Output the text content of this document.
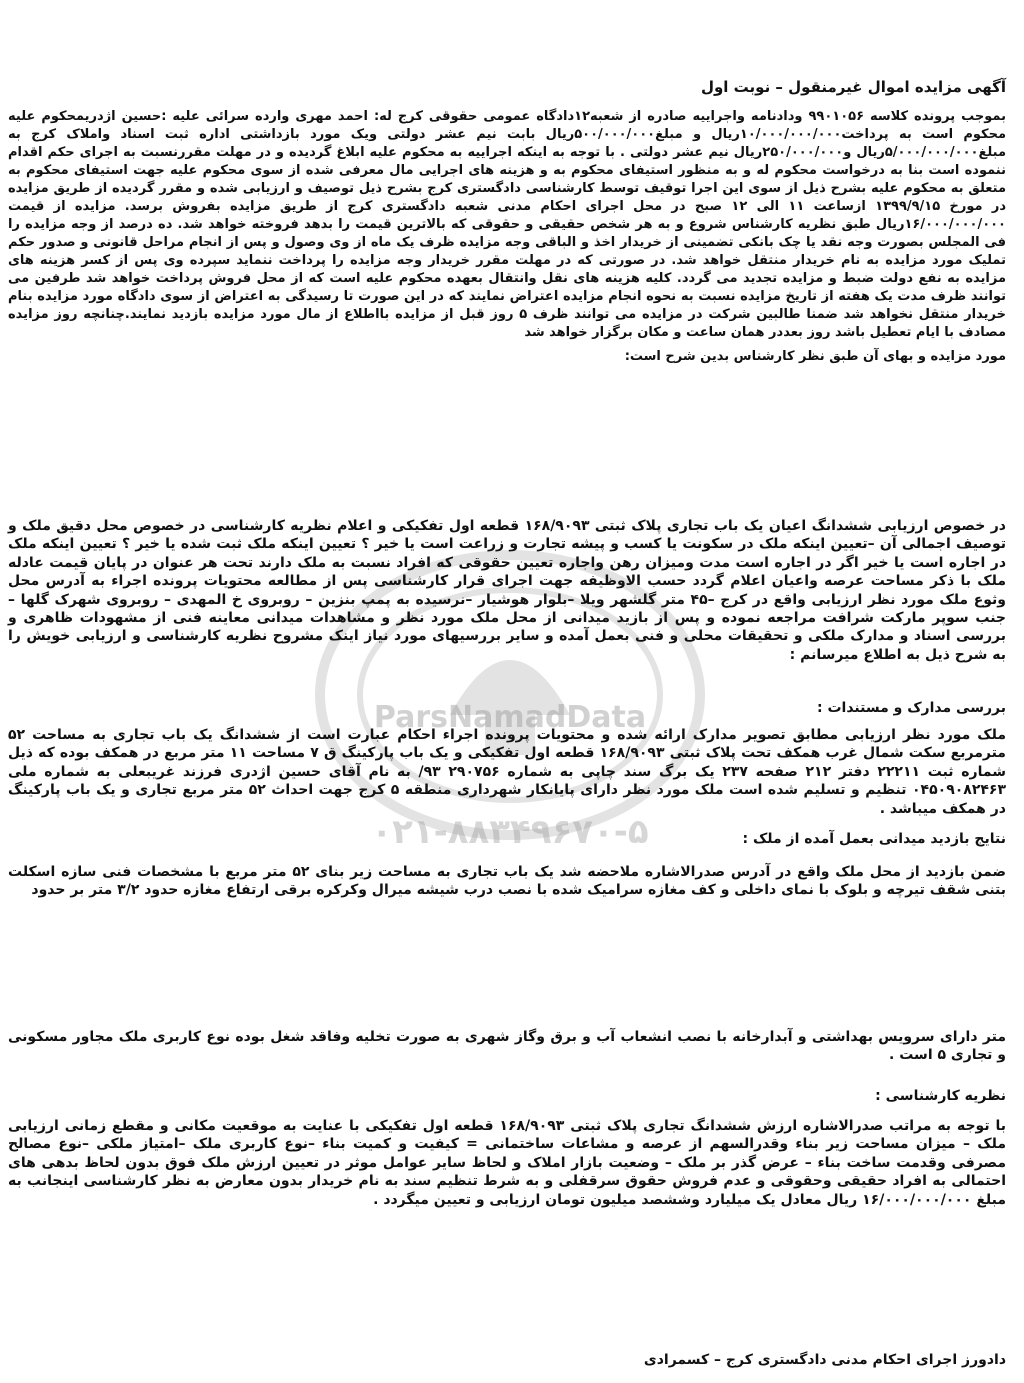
ParsNamadData
۰۲۱-۸۸۳۴۹۶۷۰-۵
آگهی مزایده اموال غیرمنقول – نوبت اول
بموجب پرونده کلاسه ۹۹۰۱۰۵۶ ودادنامه واجراییه صادره از شعبه۱۲دادگاه عمومی حقوقی کرج له: احمد مهری وارده سرائی علیه :حسین اژدریمحکوم علیه محکوم است به پرداخت۱۰/۰۰۰/۰۰۰/۰۰۰ریال و مبلغ۵۰۰/۰۰۰/۰۰۰ریال بابت نیم عشر دولتی ویک مورد بازداشتی اداره ثبت اسناد واملاک کرج به مبلغ۵/۰۰۰/۰۰۰/۰۰۰ریال و۲۵۰/۰۰۰/۰۰۰ریال نیم عشر دولتی . با توجه به اینکه اجراییه به محکوم علیه ابلاغ گردیده و در مهلت مقررنسبت به اجرای حکم اقدام ننموده است بنا به درخواست محکوم له و به منظور استیفای محکوم به و هزینه های اجرایی مال معرفی شده از سوی محکوم علیه جهت استیفای محکوم به متعلق به محکوم علیه بشرح ذیل از سوی این اجرا توقیف توسط کارشناسی دادگستری کرج بشرح ذیل توصیف و ارزیابی شده و مقرر گردیده از طریق مزایده در مورخ ۱۳۹۹/۹/۱۵ ازساعت ۱۱ الی ۱۲ صبح در محل اجرای احکام مدنی شعبه دادگستری کرج از طریق مزایده بفروش برسد. مزایده از قیمت ۱۶/۰۰۰/۰۰۰/۰۰۰ریال طبق نظریه کارشناس شروع و به هر شخص حقیقی و حقوقی که بالاترین قیمت را بدهد فروخته خواهد شد. ده درصد از وجه مزایده را فی المجلس بصورت وجه نقد یا چک بانکی تضمینی از خریدار اخذ و الباقی وجه مزایده ظرف یک ماه از وی وصول و پس از انجام مراحل قانونی و صدور حکم تملیک مورد مزایده به نام خریدار منتقل خواهد شد. در صورتی که در مهلت مقرر خریدار وجه مزایده را پرداخت ننماید سپرده وی پس از کسر هزینه های مزایده به نفع دولت ضبط و مزایده تجدید می گردد. کلیه هزینه های نقل وانتقال بعهده محکوم علیه است که از محل فروش پرداخت خواهد شد طرفین می توانند ظرف مدت یک هفته از تاریخ مزایده نسبت به نحوه انجام مزایده اعتراض نمایند که در این صورت تا رسیدگی به اعتراض از سوی دادگاه مورد مزایده بنام خریدار منتقل نخواهد شد ضمنا طالبین شرکت در مزایده می توانند ظرف ۵ روز قبل از مزایده بااطلاع از مال مورد مزایده بازدید نمایند.چنانچه روز مزایده مصادف با ایام تعطیل باشد روز بعددر همان ساعت و مکان برگزار خواهد شد
مورد مزایده و بهای آن طبق نظر کارشناس بدین شرح است:
در خصوص ارزیابی ششدانگ اعیان یک باب تجاری پلاک ثبتی ۱۶۸/۹۰۹۳ قطعه اول تفکیکی و اعلام نظریه کارشناسی در خصوص محل دقیق ملک و توصیف اجمالی آن –تعیین اینکه ملک در سکونت یا کسب و پیشه تجارت و زراعت است یا خیر ؟ تعیین اینکه ملک ثبت شده یا خیر ؟ تعیین اینکه ملک در اجاره است یا خیر اگر در اجاره است مدت ومیزان رهن واجاره تعیین حقوقی که افراد نسبت به ملک دارند تحت هر عنوان در پایان قیمت عادله ملک با ذکر مساحت عرصه واعیان اعلام گردد حسب الاوظیفه جهت اجرای قرار کارشناسی پس از مطالعه محتویات پرونده اجراء به آدرس محل وثوع ملک مورد نظر ارزیابی واقع در کرج –۴۵ متر گلشهر ویلا –بلوار هوشیار –نرسیده به پمپ بنزین – روبروی خ المهدی – روبروی شهرک گلها –جنب سوپر مارکت شرافت مراجعه نموده و پس از بازید میدانی از محل ملک مورد نظر و مشاهدات میدانی معاینه فنی از مشهودات ظاهری و بررسی اسناد و مدارک ملکی و تحقیقات محلی و فنی بعمل آمده و سایر بررسیهای مورد نیاز اینک مشروح نظریه کارشناسی و ارزیابی خویش را به شرح ذیل به اطلاع میرسانم :
بررسی مدارک و مستندات :
ملک مورد نظر ارزیابی مطابق تصویر مدارک ارائه شده و محتویات پرونده اجراء احکام عبارت است از ششدانگ یک باب تجاری به مساحت ۵۲ مترمربع سکت شمال غرب همکف تحت پلاک ثبتی ۱۶۸/۹۰۹۳ قطعه اول تفکیکی و یک باب پارکینگ ق ۷ مساحت ۱۱ متر مربع در همکف بوده که ذیل شماره ثبت ۲۲۲۱۱ دفتر ۲۱۲ صفحه ۲۳۷ یک برگ سند چاپی به شماره ۲۹۰۷۵۶ ۹۳/ به نام آقای حسین اژدری فرزند غریبعلی به شماره ملی ۰۴۵۰۹۰۸۲۴۶۳ تنظیم و تسلیم شده است ملک مورد نظر دارای پایانکار شهرداری منطقه ۵ کرج جهت احداث ۵۲ متر مربع تجاری و یک باب پارکینگ در همکف میباشد .
نتایج بازدید میدانی بعمل آمده از ملک :
ضمن بازدید از محل ملک واقع در آدرس صدرالاشاره ملاحضه شد یک باب تجاری به مساحت زیر بنای ۵۲ متر مربع با مشخصات فنی سازه اسکلت بتنی شقف تیرچه و بلوک با نمای داخلی و کف مغازه سرامیک شده با نصب درب شیشه میرال وکرکره برقی ارتفاع مغازه حدود ۳/۲ متر بر حدود
متر دارای سرویس بهداشتی و آبدارخانه با نصب انشعاب آب و برق وگاز شهری به صورت تخلیه وفاقد شغل بوده نوع کاربری ملک مجاور مسکونی و تجاری ۵ است .
نظریه کارشناسی :
با توجه به مراتب صدرالاشاره ارزش ششدانگ تجاری پلاک ثبتی ۱۶۸/۹۰۹۳ قطعه اول تفکیکی با عنایت به موقعیت مکانی و مقطع زمانی ارزیابی ملک – میزان مساحت زیر بناء وقدرالسهم از عرصه و مشاعات ساختمانی = کیفیت و کمیت بناء –نوع کاربری ملک –امتیاز ملکی –نوع مصالح مصرفی وقدمت ساخت بناء – عرض گذر بر ملک – وضعیت بازار املاک و لحاظ سایر عوامل موثر در تعیین ارزش ملک فوق بدون لحاظ بدهی های احتمالی به افراد حقیقی وحقوقی و عدم فروش حقوق سرقفلی و به شرط تنظیم سند به نام خریدار بدون معارض به نظر کارشناسی اینجانب به مبلغ ۱۶/۰۰۰/۰۰۰/۰۰۰ ریال معادل یک میلیارد وششصد میلیون تومان ارزیابی و تعیین میگردد .
دادورز اجرای احکام مدنی دادگستری کرج – کسمرادی
